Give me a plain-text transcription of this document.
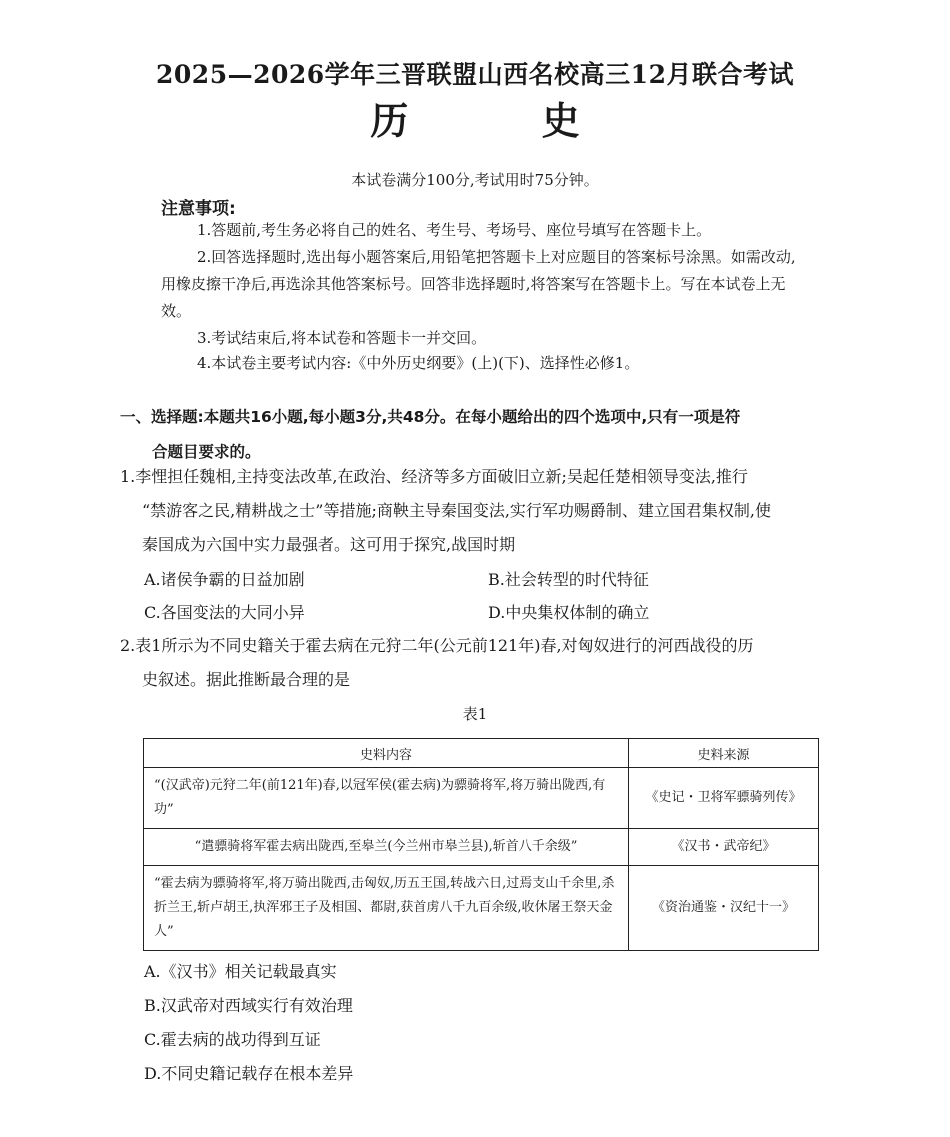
2025—2026学年三晋联盟山西名校高三12月联合考试
历 史
本试卷满分100分,考试用时75分钟。
注意事项:

1.答题前,考生务必将自己的姓名、考生号、考场号、座位号填写在答题卡上。

2.回答选择题时,选出每小题答案后,用铅笔把答题卡上对应题目的答案标号涂黑。如需改动,用橡皮擦干净后,再选涂其他答案标号。回答非选择题时,将答案写在答题卡上。写在本试卷上无效。

3.考试结束后,将本试卷和答题卡一并交回。

4.本试卷主要考试内容:《中外历史纲要》(上)(下)、选择性必修1。

一、选择题:本题共16小题,每小题3分,共48分。在每小题给出的四个选项中,只有一项是符
合题目要求的。
1.李悝担任魏相,主持变法改革,在政治、经济等多方面破旧立新;吴起任楚相领导变法,推行
“禁游客之民,精耕战之士”等措施;商鞅主导秦国变法,实行军功赐爵制、建立国君集权制,使
秦国成为六国中实力最强者。这可用于探究,战国时期
A.诸侯争霸的日益加剧	B.社会转型的时代特征
C.各国变法的大同小异	D.中央集权体制的确立
2.表1所示为不同史籍关于霍去病在元狩二年(公元前121年)春,对匈奴进行的河西战役的历
史叙述。据此推断最合理的是
表1
史料内容	史料来源
“(汉武帝)元狩二年(前121年)春,以冠军侯(霍去病)为骠骑将军,将万骑出陇西,有功”	《史记・卫将军骠骑列传》
“遣骠骑将军霍去病出陇西,至皋兰(今兰州市皋兰县),斩首八千余级”	《汉书・武帝纪》
“霍去病为骠骑将军,将万骑出陇西,击匈奴,历五王国,转战六日,过焉支山千余里,杀折兰王,斩卢胡王,执浑邪王子及相国、都尉,获首虏八千九百余级,收休屠王祭天金人”	《资治通鉴・汉纪十一》
A.《汉书》相关记载最真实
B.汉武帝对西域实行有效治理
C.霍去病的战功得到互证
D.不同史籍记载存在根本差异
